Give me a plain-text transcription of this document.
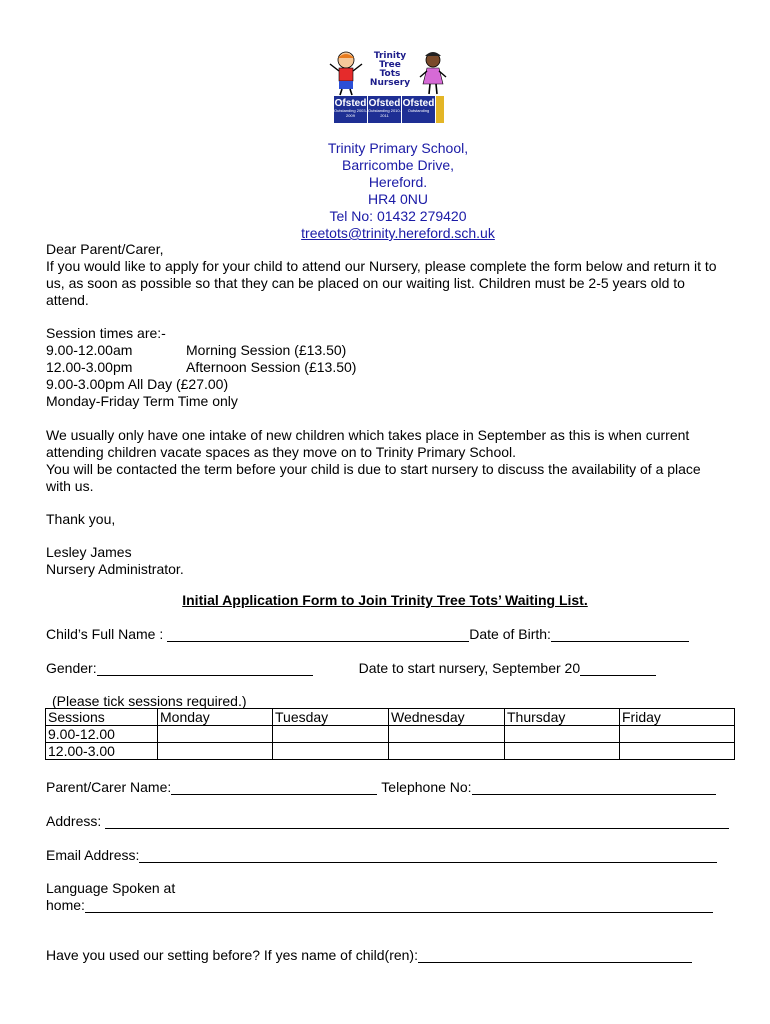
Trinity
Tree
Tots
Nursery
Ofsted
Outstanding 2003-2009
Ofsted
Outstanding 2010-2011
Ofsted
Outstanding
Trinity Primary School,
Barricombe Drive,
Hereford.
HR4 0NU
Tel No: 01432 279420
treetots@trinity.hereford.sch.uk
Dear Parent/Carer,
If you would like to apply for your child to attend our Nursery, please complete the form below and return it to us, as soon as possible so that they can be placed on our waiting list. Children must be 2-5 years old to attend.
Session times are:-
9.00-12.00am	Morning Session (£13.50)
12.00-3.00pm	Afternoon Session (£13.50)
9.00-3.00pm All Day (£27.00)
Monday-Friday Term Time only
We usually only have one intake of new children which takes place in September as this is when current attending children vacate spaces as they move on to Trinity Primary School.
You will be contacted the term before your child is due to start nursery to discuss the availability of a place with us.
Thank you,
Lesley James
Nursery Administrator.
Initial Application Form to Join Trinity Tree Tots’ Waiting List.
Child’s Full Name :	Date of Birth:
Gender:	Date to start nursery, September 20
(Please tick sessions required.)
Sessions	Monday	Tuesday	Wednesday	Thursday	Friday
9.00-12.00					
12.00-3.00					
Parent/Carer Name:	Telephone No:
Address:
Email Address:
Language Spoken at
home:
Have you used our setting before? If yes name of child(ren):
